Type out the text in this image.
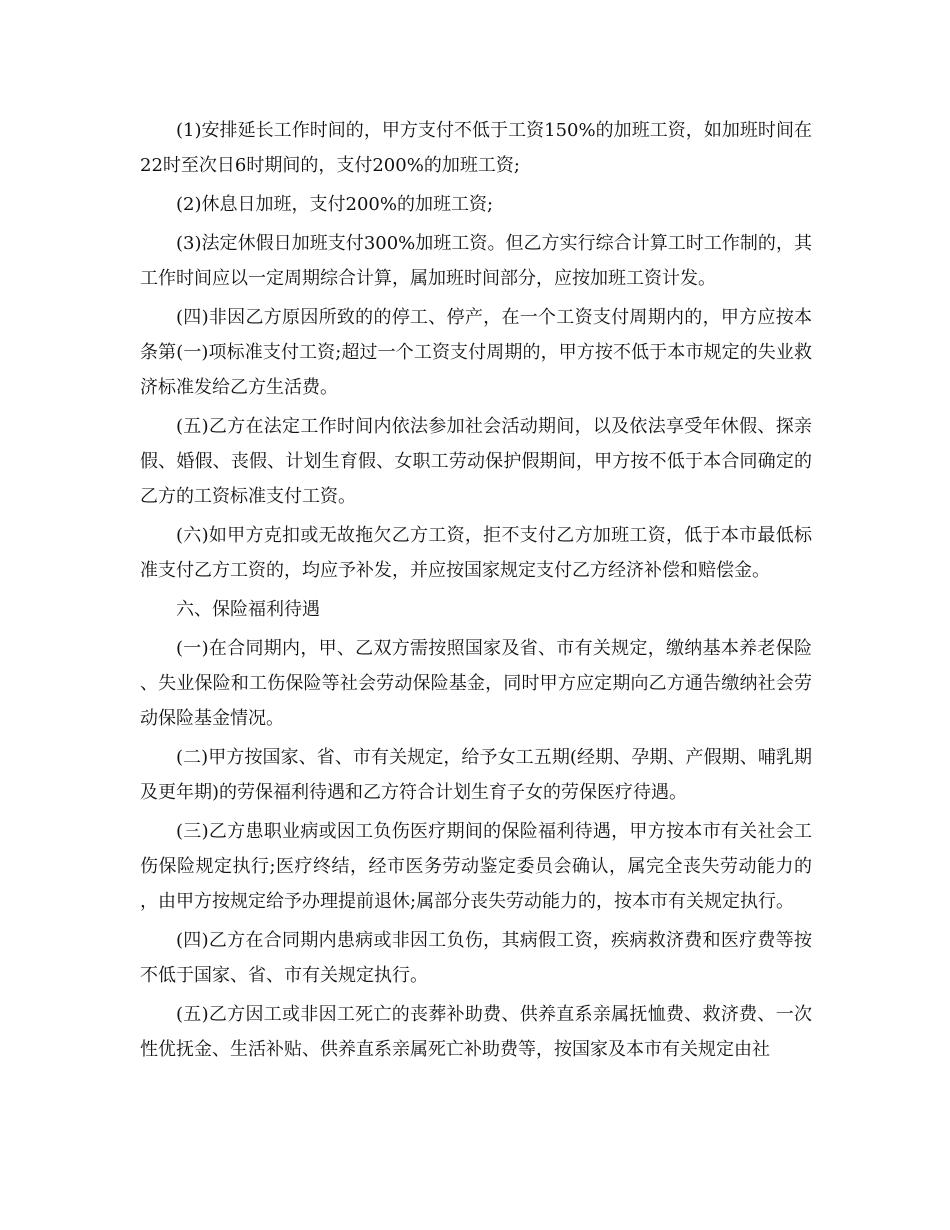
(1)安排延长工作时间的，甲方支付不低于工资150%的加班工资，如加班时间在22时至次日6时期间的，支付200%的加班工资;

(2)休息日加班，支付200%的加班工资;

(3)法定休假日加班支付300%加班工资。但乙方实行综合计算工时工作制的，其工作时间应以一定周期综合计算，属加班时间部分，应按加班工资计发。

(四)非因乙方原因所致的的停工、停产，在一个工资支付周期内的，甲方应按本条第(一)项标准支付工资;超过一个工资支付周期的，甲方按不低于本市规定的失业救济标准发给乙方生活费。

(五)乙方在法定工作时间内依法参加社会活动期间，以及依法享受年休假、探亲假、婚假、丧假、计划生育假、女职工劳动保护假期间，甲方按不低于本合同确定的乙方的工资标准支付工资。

(六)如甲方克扣或无故拖欠乙方工资，拒不支付乙方加班工资，低于本市最低标准支付乙方工资的，均应予补发，并应按国家规定支付乙方经济补偿和赔偿金。

六、保险福利待遇

(一)在合同期内，甲、乙双方需按照国家及省、市有关规定，缴纳基本养老保险、失业保险和工伤保险等社会劳动保险基金，同时甲方应定期向乙方通告缴纳社会劳动保险基金情况。

(二)甲方按国家、省、市有关规定，给予女工五期(经期、孕期、产假期、哺乳期及更年期)的劳保福利待遇和乙方符合计划生育子女的劳保医疗待遇。

(三)乙方患职业病或因工负伤医疗期间的保险福利待遇，甲方按本市有关社会工伤保险规定执行;医疗终结，经市医务劳动鉴定委员会确认，属完全丧失劳动能力的，由甲方按规定给予办理提前退休;属部分丧失劳动能力的，按本市有关规定执行。

(四)乙方在合同期内患病或非因工负伤，其病假工资，疾病救济费和医疗费等按不低于国家、省、市有关规定执行。

(五)乙方因工或非因工死亡的丧葬补助费、供养直系亲属抚恤费、救济费、一次性优抚金、生活补贴、供养直系亲属死亡补助费等，按国家及本市有关规定由社
